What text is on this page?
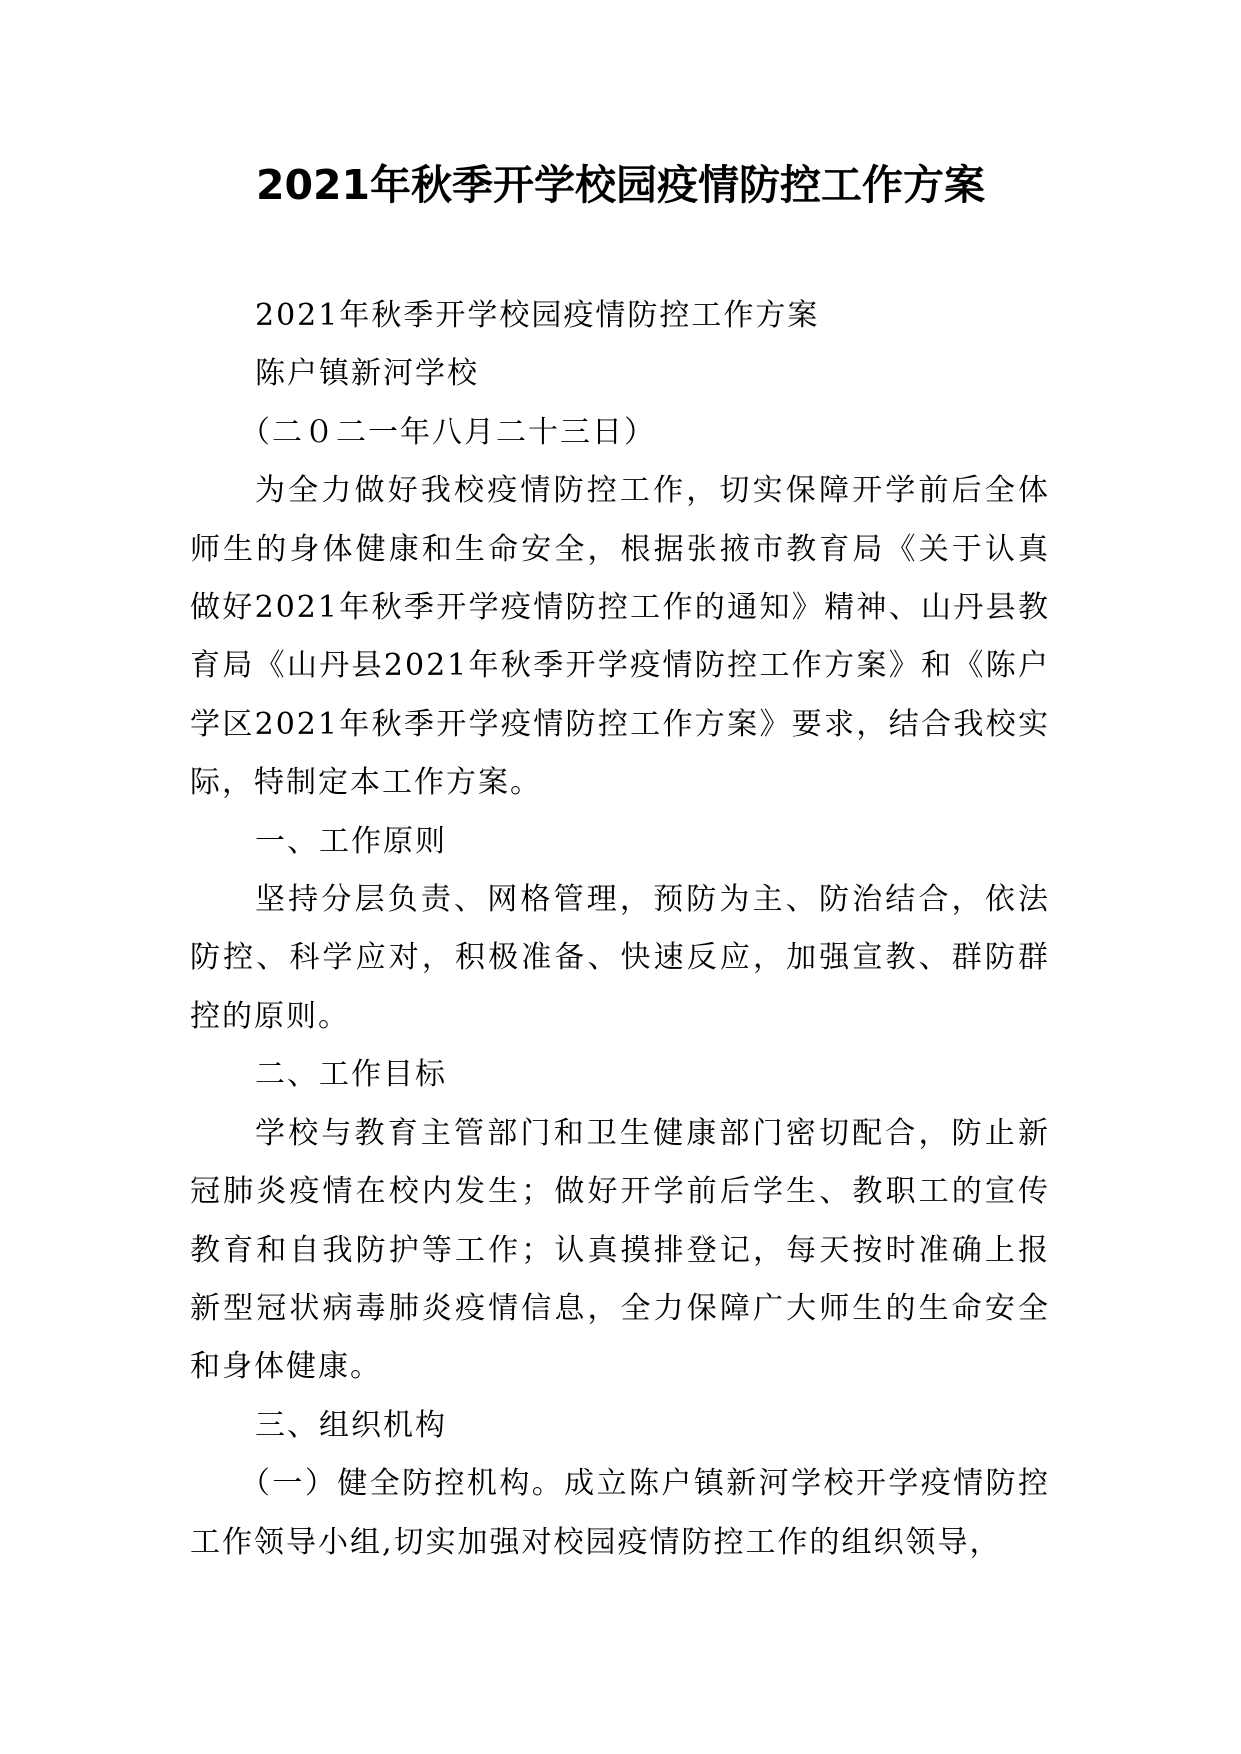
2021年秋季开学校园疫情防控工作方案

2021年秋季开学校园疫情防控工作方案

陈户镇新河学校

（二０二一年八月二十三日）

为全力做好我校疫情防控工作，切实保障开学前后全体师生的身体健康和生命安全，根据张掖市教育局《关于认真做好2021年秋季开学疫情防控工作的通知》精神、山丹县教育局《山丹县2021年秋季开学疫情防控工作方案》和《陈户学区2021年秋季开学疫情防控工作方案》要求，结合我校实际，特制定本工作方案。

一、工作原则

坚持分层负责、网格管理，预防为主、防治结合，依法防控、科学应对，积极准备、快速反应，加强宣教、群防群控的原则。

二、工作目标

学校与教育主管部门和卫生健康部门密切配合，防止新冠肺炎疫情在校内发生；做好开学前后学生、教职工的宣传教育和自我防护等工作；认真摸排登记，每天按时准确上报新型冠状病毒肺炎疫情信息，全力保障广大师生的生命安全和身体健康。

三、组织机构

（一）健全防控机构。成立陈户镇新河学校开学疫情防控工作领导小组,切实加强对校园疫情防控工作的组织领导，
